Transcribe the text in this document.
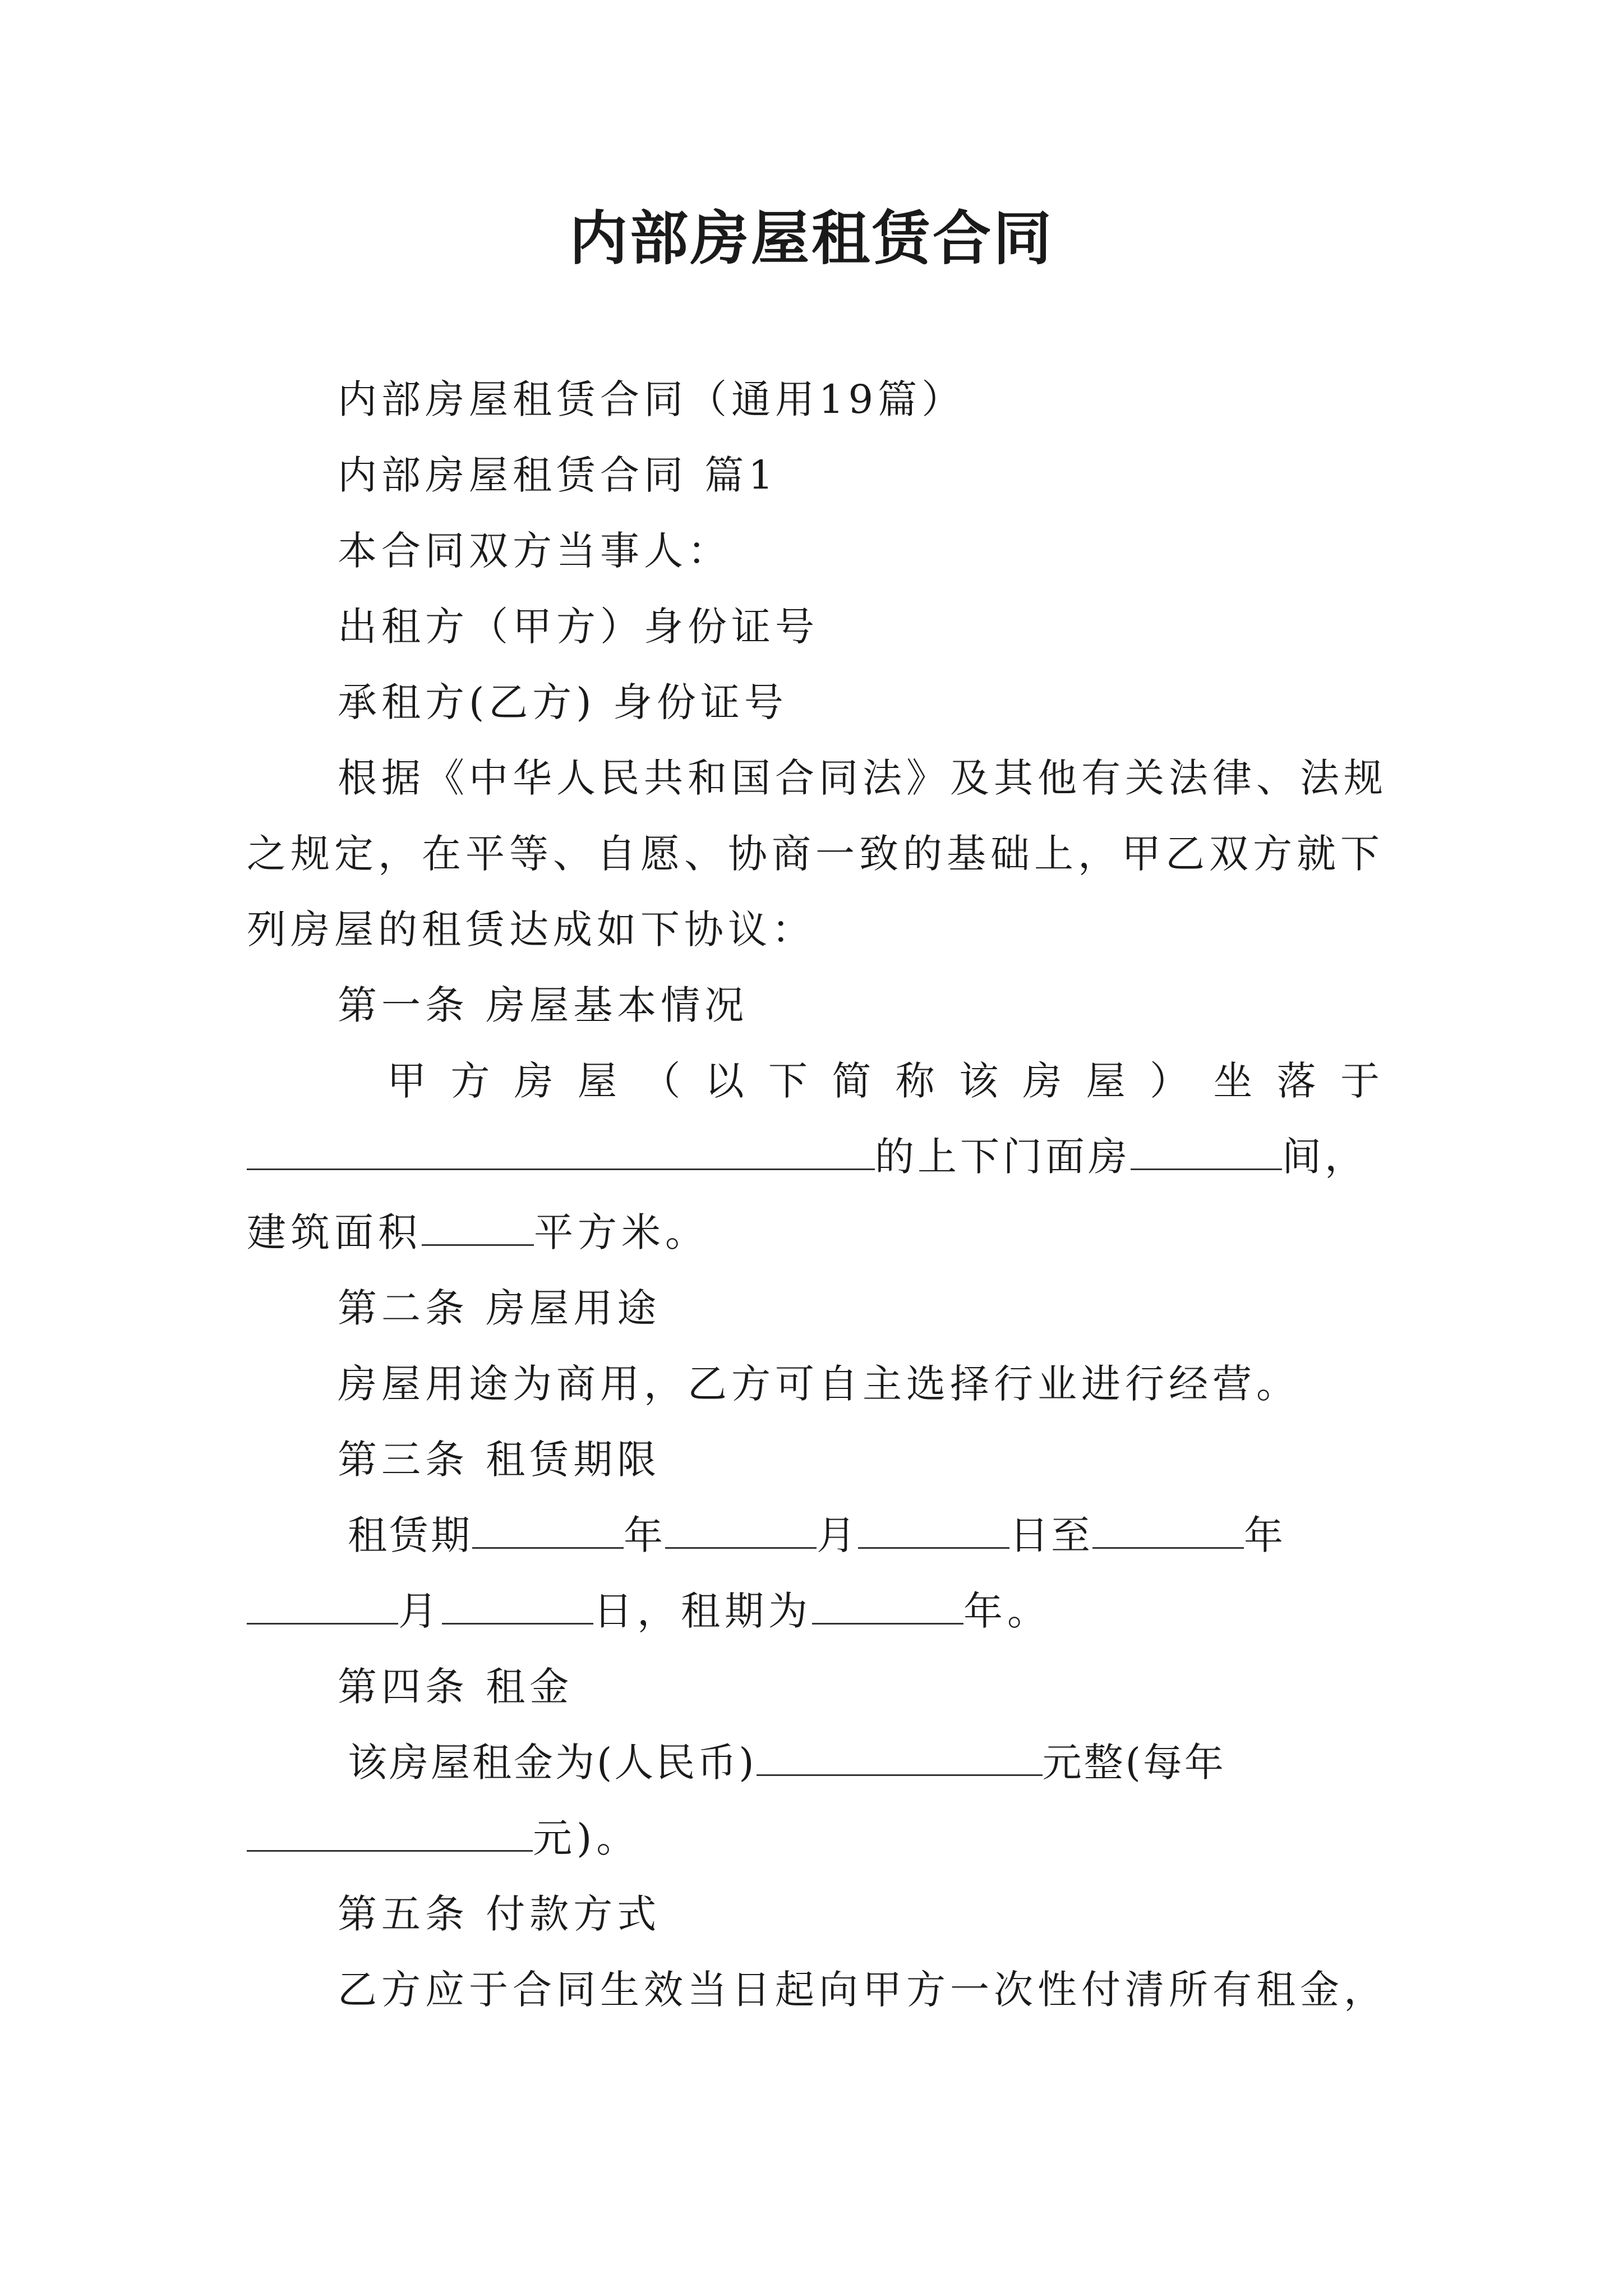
内部房屋租赁合同
内部房屋租赁合同（通用19篇）
内部房屋租赁合同 篇1
本合同双方当事人：
出租方（甲方）身份证号
承租方(乙方) 身份证号
根据《中华人民共和国合同法》及其他有关法律、法规
之规定，在平等、自愿、协商一致的基础上，甲乙双方就下
列房屋的租赁达成如下协议：
第一条 房屋基本情况
甲 方 房 屋 （ 以 下 简 称 该 房 屋 ） 坐 落 于
的上下门面房	间，
建筑面积	平方米。
第二条 房屋用途
房屋用途为商用，乙方可自主选择行业进行经营。
第三条 租赁期限
租赁期	年	月	日至	年
月	日，租期为	年。
第四条 租金
该房屋租金为(人民币)	元整(每年
元)。
第五条 付款方式
乙方应于合同生效当日起向甲方一次性付清所有租金，
